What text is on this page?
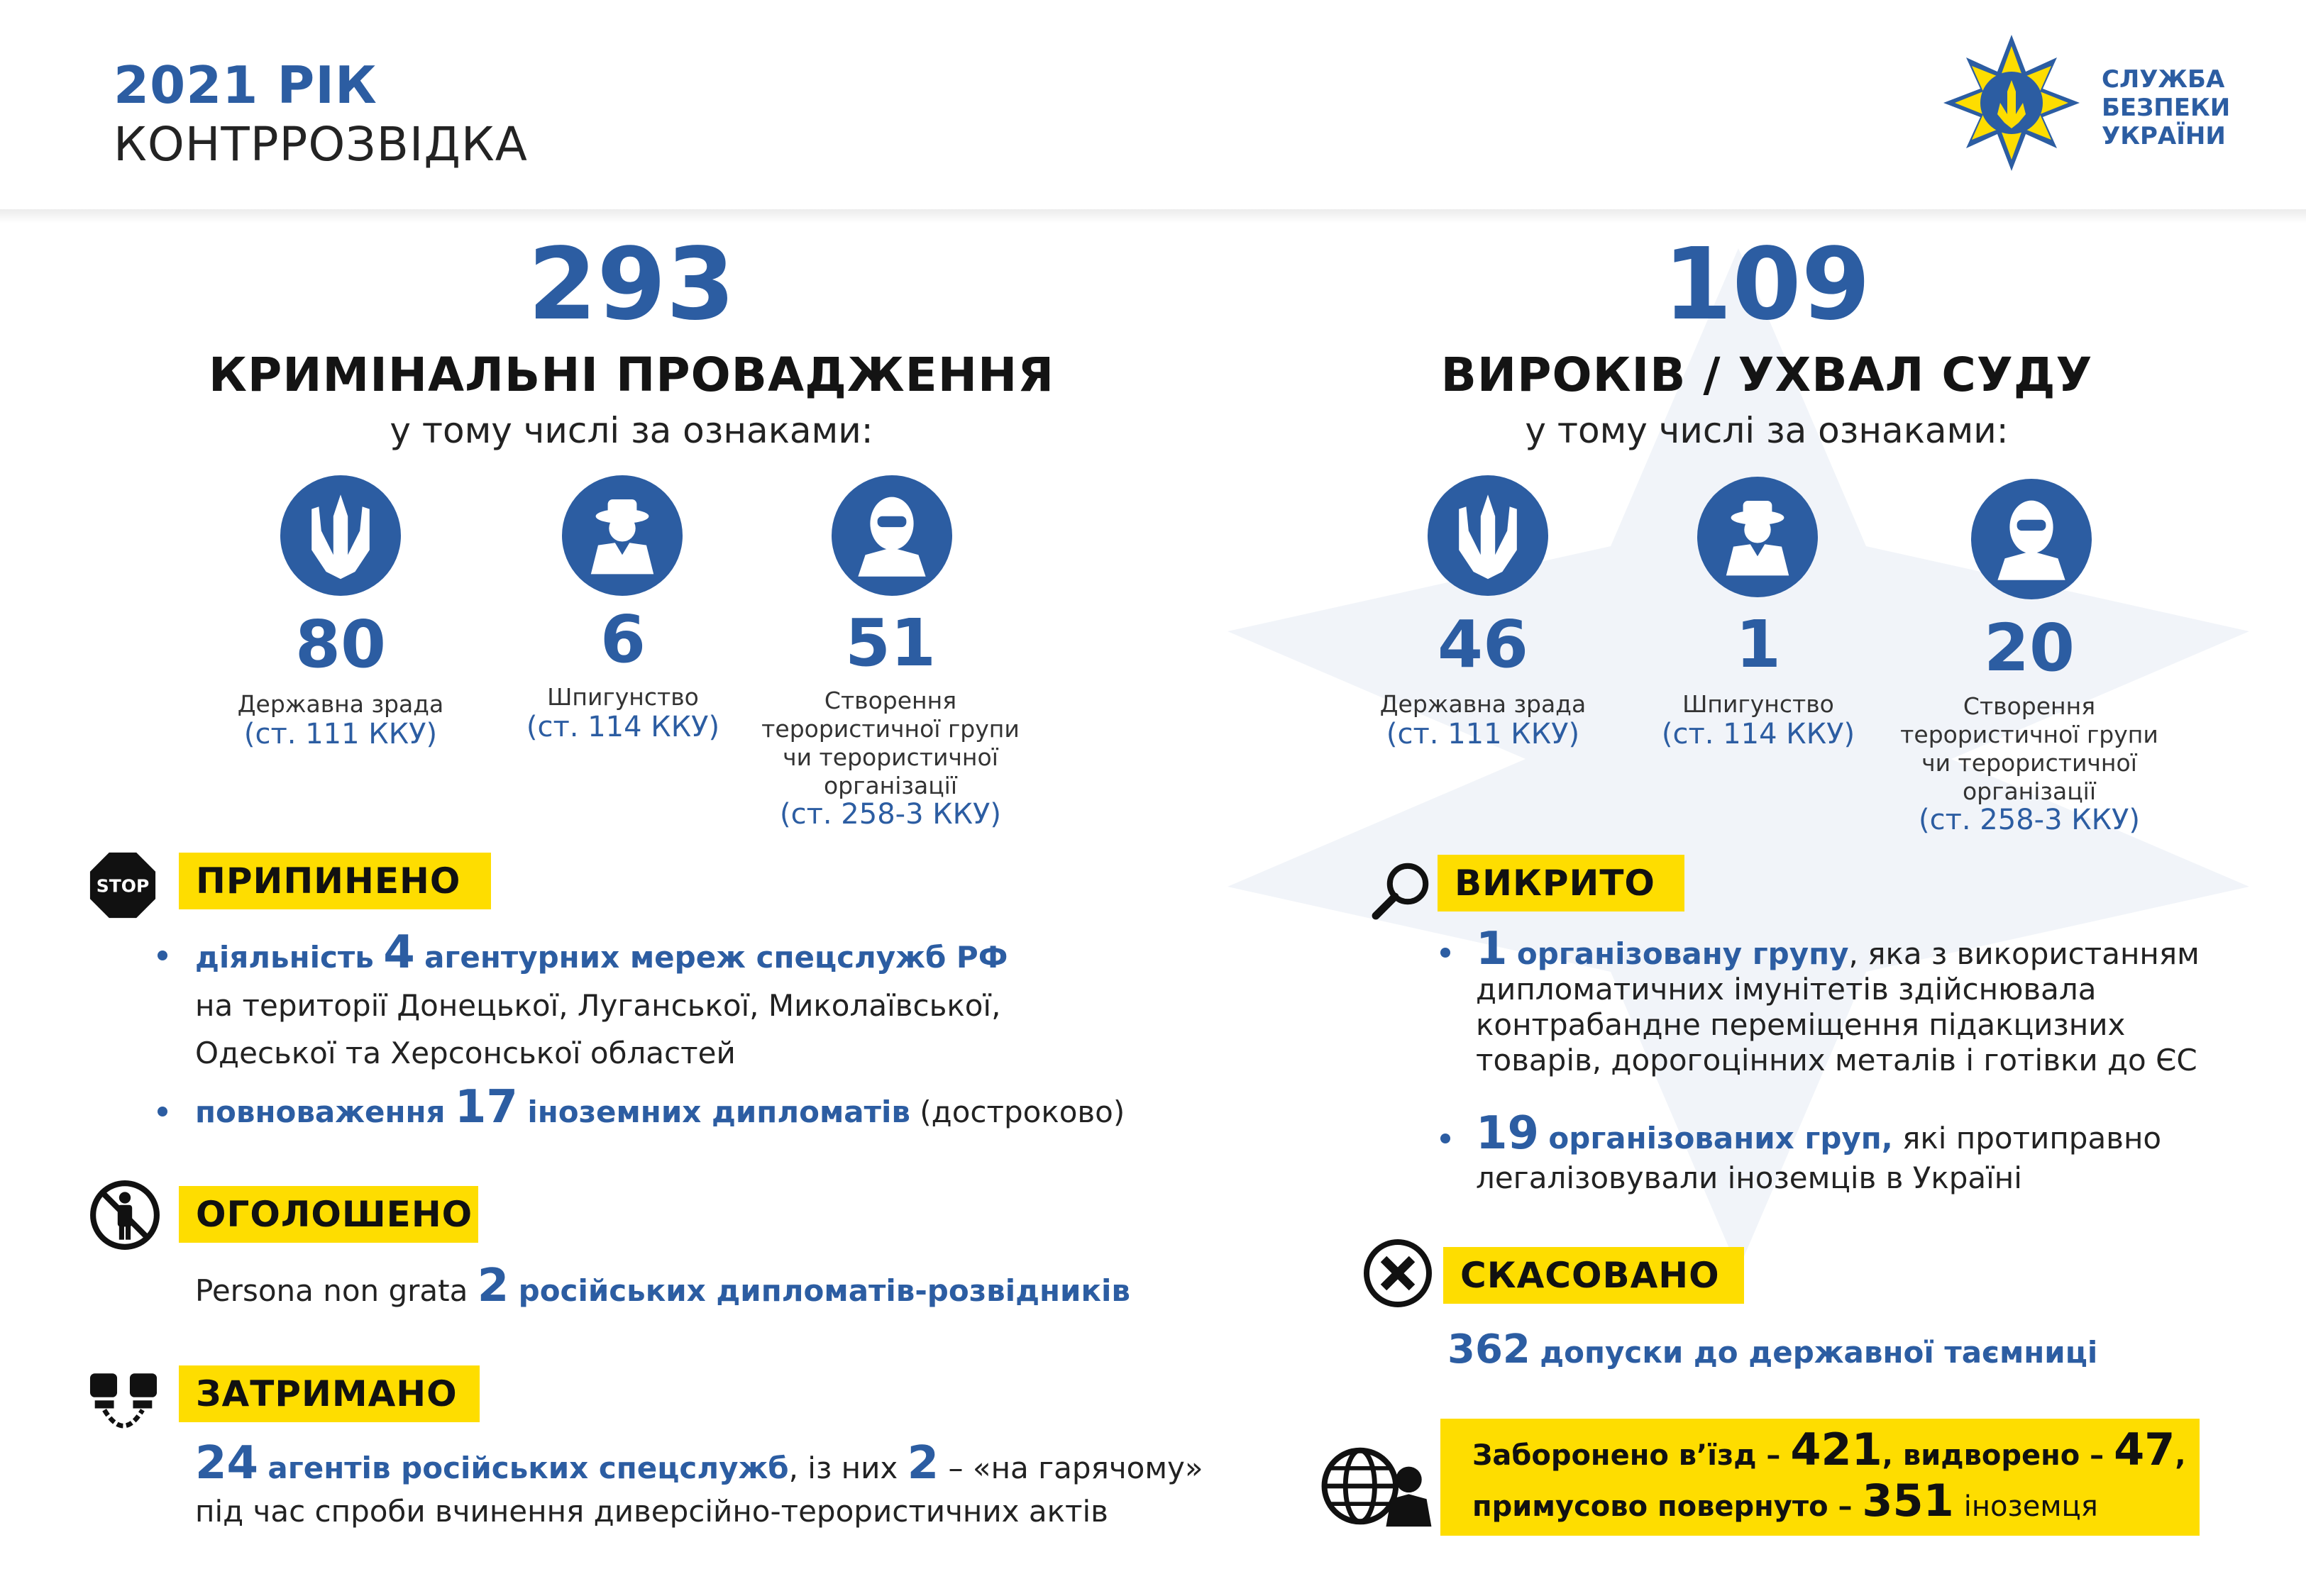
2021 РІК
КОНТРРОЗВІДКА
СЛУЖБА
БЕЗПЕКИ
УКРАЇНИ
293
КРИМІНАЛЬНІ ПРОВАДЖЕННЯ
у тому числі за ознаками:
80
Державна зрада
(ст. 111 ККУ)
6
Шпигунство
(ст. 114 ККУ)
51
Створення
терористичної групи
чи терористичної
організації
(ст. 258-3 ККУ)
109
ВИРОКІВ / УХВАЛ СУДУ
у тому числі за ознаками:
46
Державна зрада
(ст. 111 ККУ)
1
Шпигунство
(ст. 114 ККУ)
20
Створення
терористичної групи
чи терористичної
організації
(ст. 258-3 ККУ)
STOP	ПРИПИНЕНО
діяльність 4 агентурних мереж спецслужб РФ
на території Донецької, Луганської, Миколаївської,
Одеської та Херсонської областей
повноваження 17 іноземних дипломатів (достроково)
ОГОЛОШЕНО
Persona non grata 2 російських дипломатів-розвідників
ЗАТРИМАНО
24 агентів російських спецслужб, із них 2 – «на гарячому»
під час спроби вчинення диверсійно-терористичних актів
ВИКРИТО
1 організовану групу, яка з використанням
дипломатичних імунітетів здійснювала
контрабандне переміщення підакцизних
товарів, дорогоцінних металів і готівки до ЄС
19 організованих груп, які протиправно
легалізовували іноземців в Україні
СКАСОВАНО
362 допуски до державної таємниці
Заборонено в’їзд – 421, видворено – 47,
примусово повернуто – 351 іноземця
